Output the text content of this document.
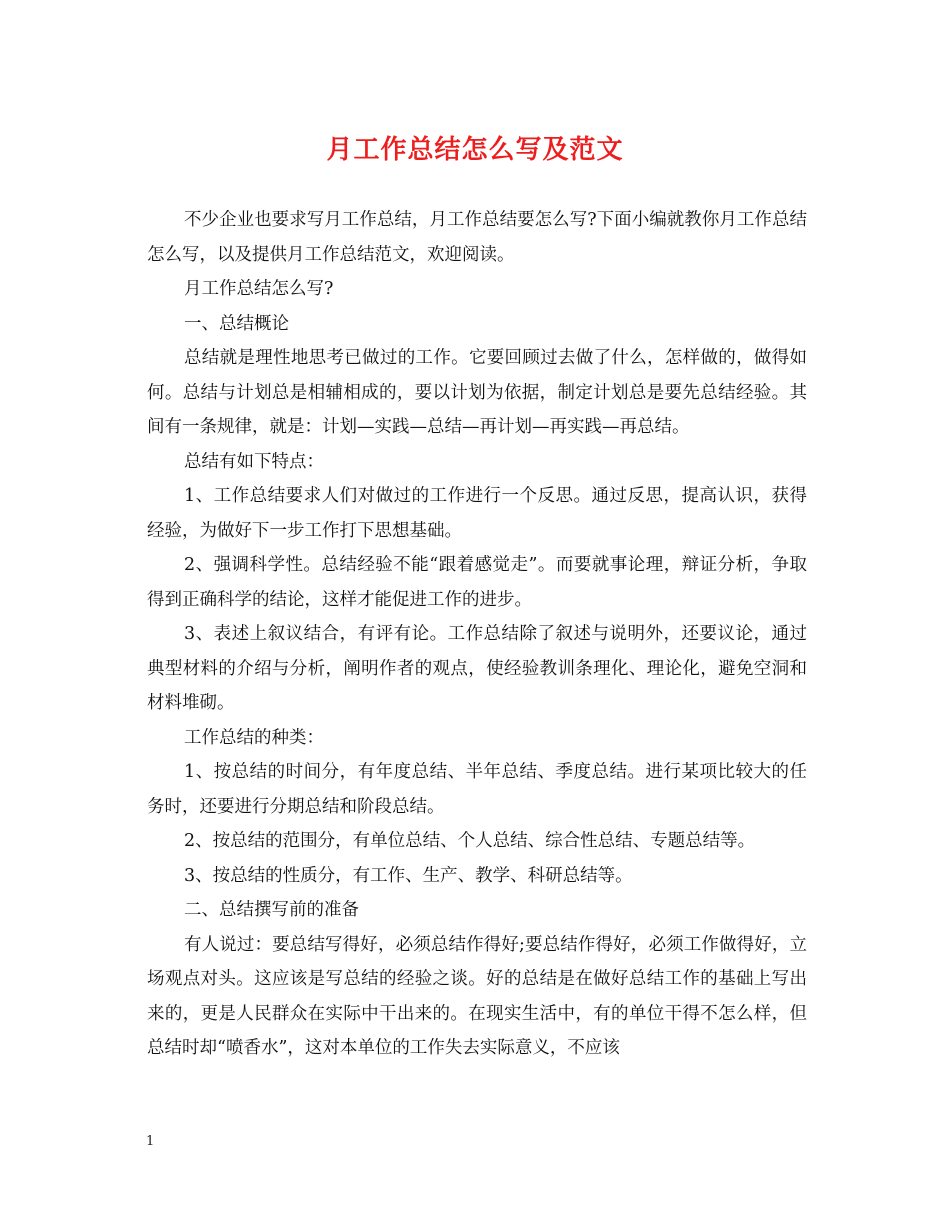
月工作总结怎么写及范文

不少企业也要求写月工作总结，月工作总结要怎么写?下面小编就教你月工作总结怎么写，以及提供月工作总结范文，欢迎阅读。

月工作总结怎么写?

一、总结概论

总结就是理性地思考已做过的工作。它要回顾过去做了什么，怎样做的，做得如何。总结与计划总是相辅相成的，要以计划为依据，制定计划总是要先总结经验。其间有一条规律，就是：计划—实践—总结—再计划—再实践—再总结。

总结有如下特点：

1、工作总结要求人们对做过的工作进行一个反思。通过反思，提高认识，获得经验，为做好下一步工作打下思想基础。

2、强调科学性。总结经验不能“跟着感觉走”。而要就事论理，辩证分析，争取得到正确科学的结论，这样才能促进工作的进步。

3、表述上叙议结合，有评有论。工作总结除了叙述与说明外，还要议论，通过典型材料的介绍与分析，阐明作者的观点，使经验教训条理化、理论化，避免空洞和材料堆砌。

工作总结的种类：

1、按总结的时间分，有年度总结、半年总结、季度总结。进行某项比较大的任务时，还要进行分期总结和阶段总结。

2、按总结的范围分，有单位总结、个人总结、综合性总结、专题总结等。

3、按总结的性质分，有工作、生产、教学、科研总结等。

二、总结撰写前的准备

有人说过：要总结写得好，必须总结作得好;要总结作得好，必须工作做得好，立场观点对头。这应该是写总结的经验之谈。好的总结是在做好总结工作的基础上写出来的，更是人民群众在实际中干出来的。在现实生活中，有的单位干得不怎么样，但总结时却“喷香水”，这对本单位的工作失去实际意义，不应该

1
